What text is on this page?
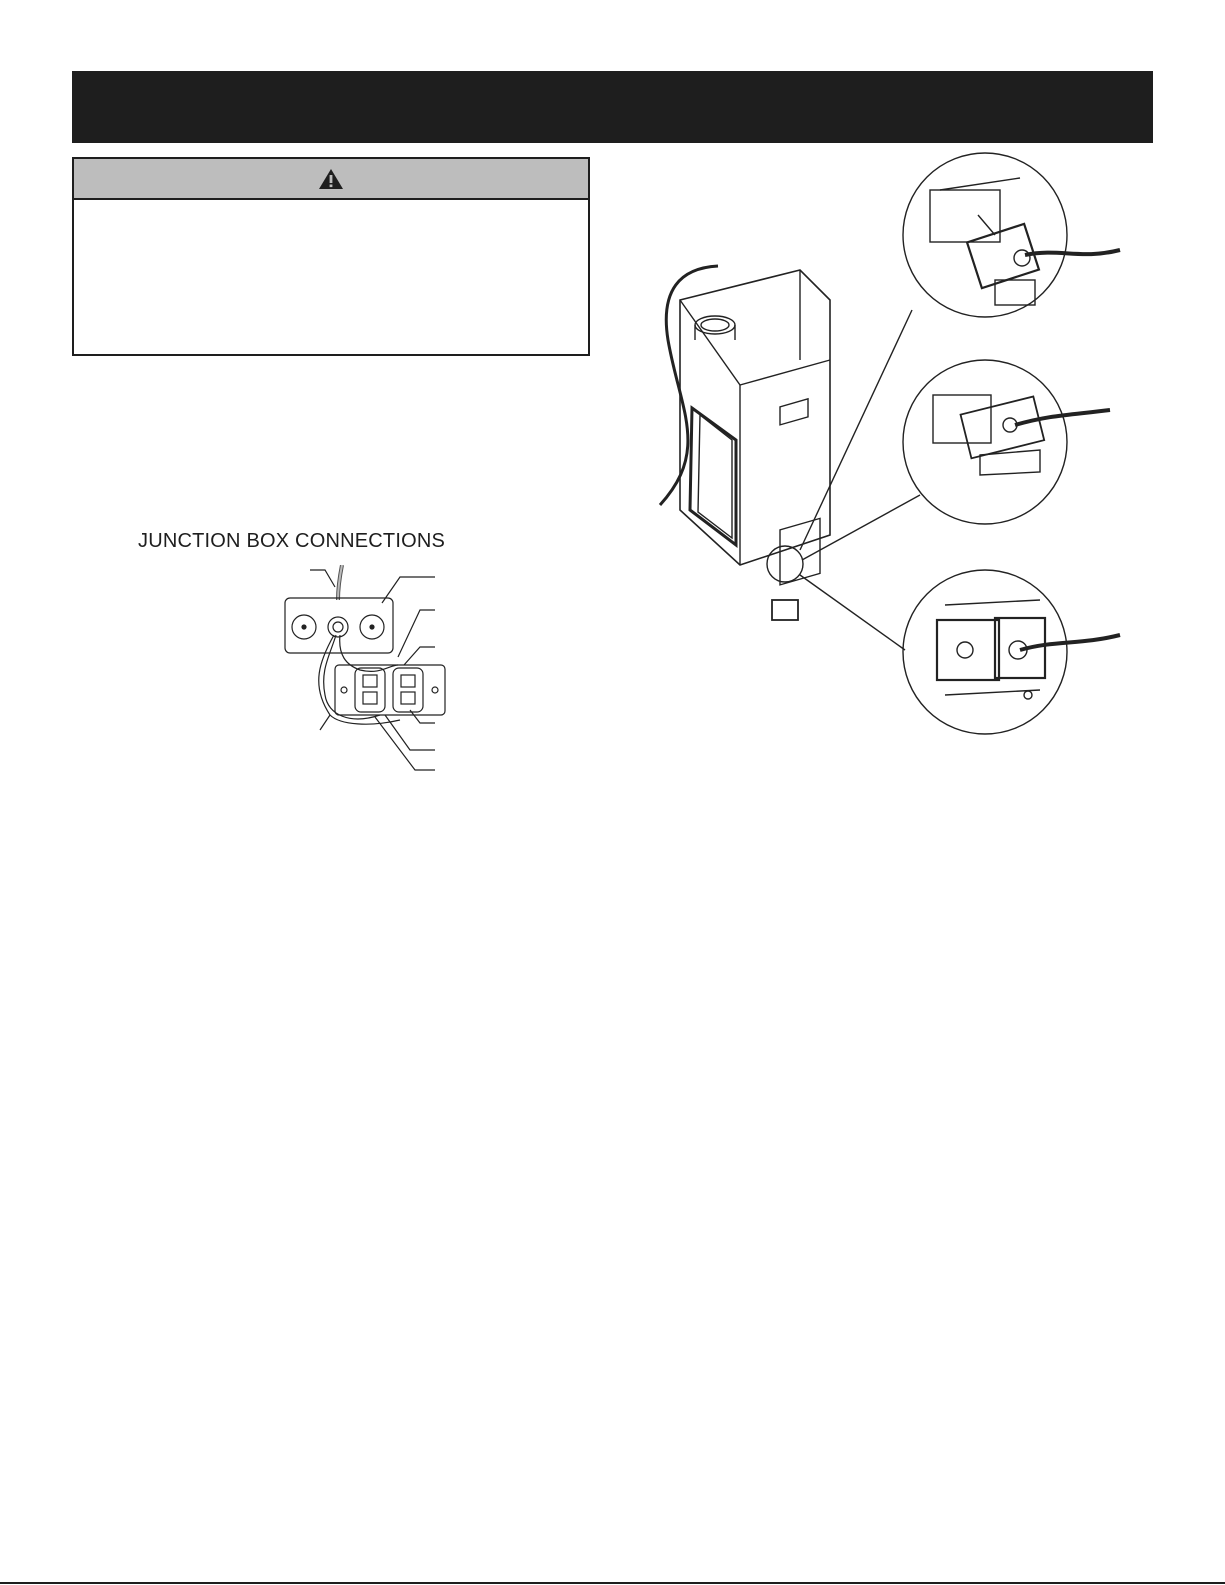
JUNCTION BOX CONNECTIONS
